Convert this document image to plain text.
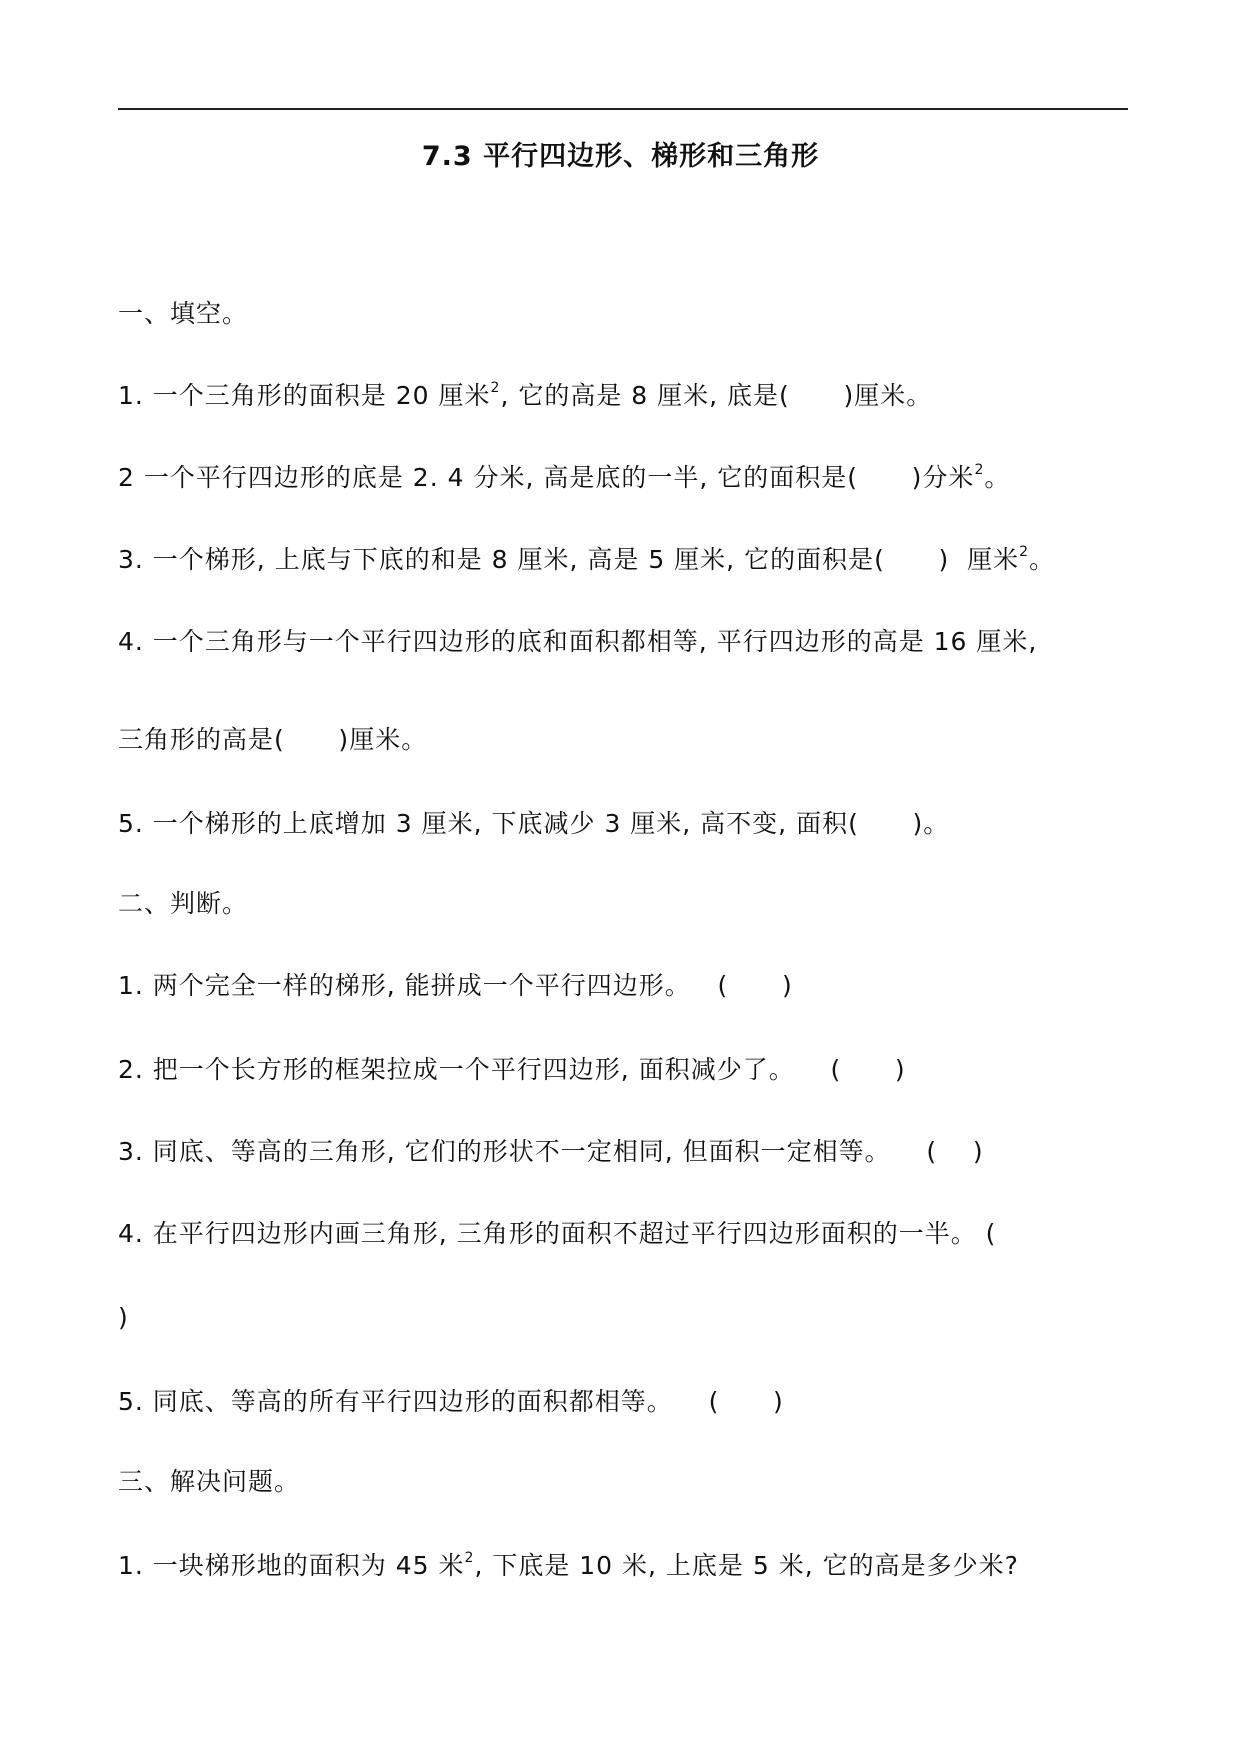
7.3 平行四边形、梯形和三角形
一、填空。
1. 一个三角形的面积是 20 厘米$^2$, 它的高是 8 厘米, 底是(      )厘米。
2 一个平行四边形的底是 2. 4 分米, 高是底的一半, 它的面积是(      )分米$^2$。
3. 一个梯形, 上底与下底的和是 8 厘米, 高是 5 厘米, 它的面积是(      )  厘米$^2$。
4. 一个三角形与一个平行四边形的底和面积都相等, 平行四边形的高是 16 厘米,
三角形的高是(      )厘米。
5. 一个梯形的上底增加 3 厘米, 下底减少 3 厘米, 高不变, 面积(      )。
二、判断。
1. 两个完全一样的梯形, 能拼成一个平行四边形。   (      )
2. 把一个长方形的框架拉成一个平行四边形, 面积减少了。    (      )
3. 同底、等高的三角形, 它们的形状不一定相同, 但面积一定相等。    (    )
4. 在平行四边形内画三角形, 三角形的面积不超过平行四边形面积的一半。 (
)
5. 同底、等高的所有平行四边形的面积都相等。    (      )
三、解决问题。
1. 一块梯形地的面积为 45 米$^2$, 下底是 10 米, 上底是 5 米, 它的高是多少米?
